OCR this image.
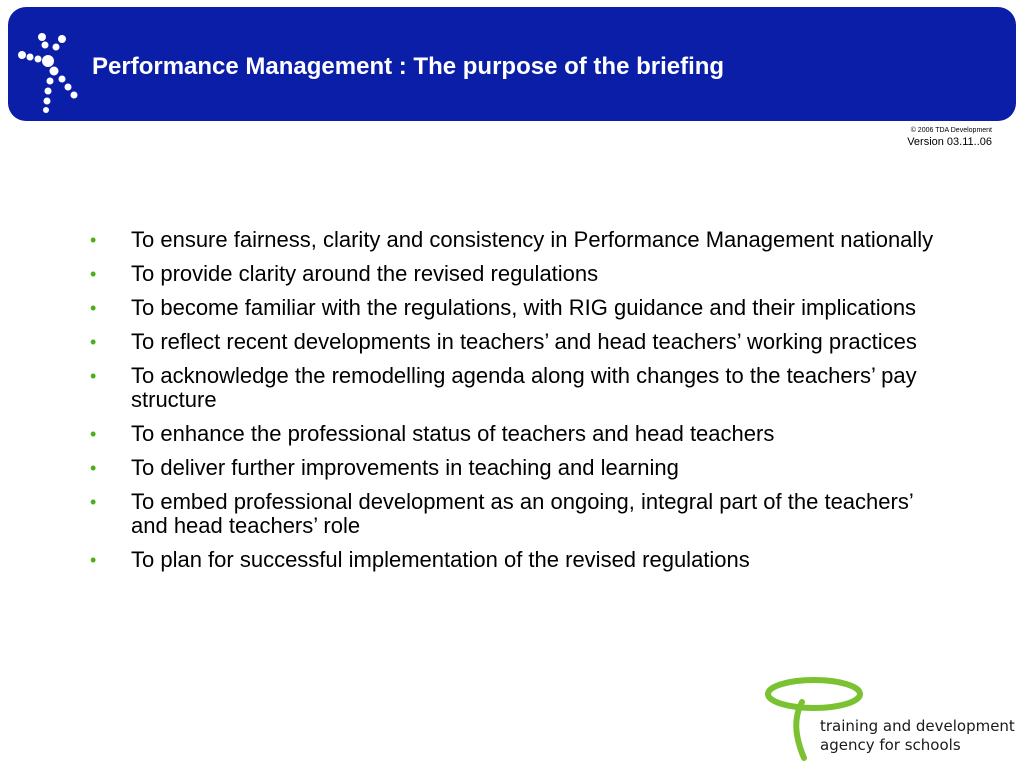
Performance Management : The purpose of the briefing
© 2006 TDA Development
Version 03.11..06
• To ensure fairness, clarity and consistency in Performance Management nationally
• To provide clarity around the revised regulations
• To become familiar with the regulations, with RIG guidance and their implications
• To reflect recent developments in teachers’ and head teachers’ working practices
• To acknowledge the remodelling agenda along with changes to the teachers’ pay structure
• To enhance the professional status of teachers and head teachers
• To deliver further improvements in teaching and learning
• To embed professional development as an ongoing, integral part of the teachers’ and head teachers’ role
• To plan for successful implementation of the revised regulations
training and development
agency for schools
